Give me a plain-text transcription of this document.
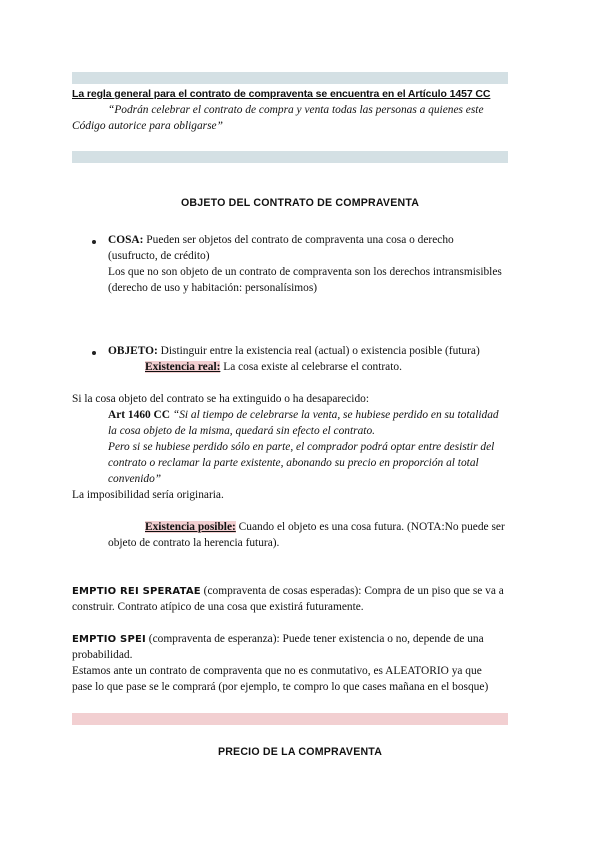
La regla general para el contrato de compraventa se encuentra en el Artículo 1457 CC
“Podrán celebrar el contrato de compra y venta todas las personas a quienes este
Código autorice para obligarse”
OBJETO DEL CONTRATO DE COMPRAVENTA
COSA: Pueden ser objetos del contrato de compraventa una cosa o derecho
(usufructo, de crédito)
Los que no son objeto de un contrato de compraventa son los derechos intransmisibles
(derecho de uso y habitación: personalísimos)
OBJETO: Distinguir entre la existencia real (actual) o existencia posible (futura)
Existencia real: La cosa existe al celebrarse el contrato.
Si la cosa objeto del contrato se ha extinguido o ha desaparecido:
Art 1460 CC “Si al tiempo de celebrarse la venta, se hubiese perdido en su totalidad
la cosa objeto de la misma, quedará sin efecto el contrato.
Pero si se hubiese perdido sólo en parte, el comprador podrá optar entre desistir del
contrato o reclamar la parte existente, abonando su precio en proporción al total
convenido”
La imposibilidad sería originaria.
Existencia posible: Cuando el objeto es una cosa futura. (NOTA:No puede ser
objeto de contrato la herencia futura).
EMPTIO REI SPERATAE (compraventa de cosas esperadas): Compra de un piso que se va a
construir. Contrato atípico de una cosa que existirá futuramente.
EMPTIO SPEI (compraventa de esperanza): Puede tener existencia o no, depende de una
probabilidad.
Estamos ante un contrato de compraventa que no es conmutativo, es ALEATORIO ya que
pase lo que pase se le comprará (por ejemplo, te compro lo que cases mañana en el bosque)
PRECIO DE LA COMPRAVENTA
